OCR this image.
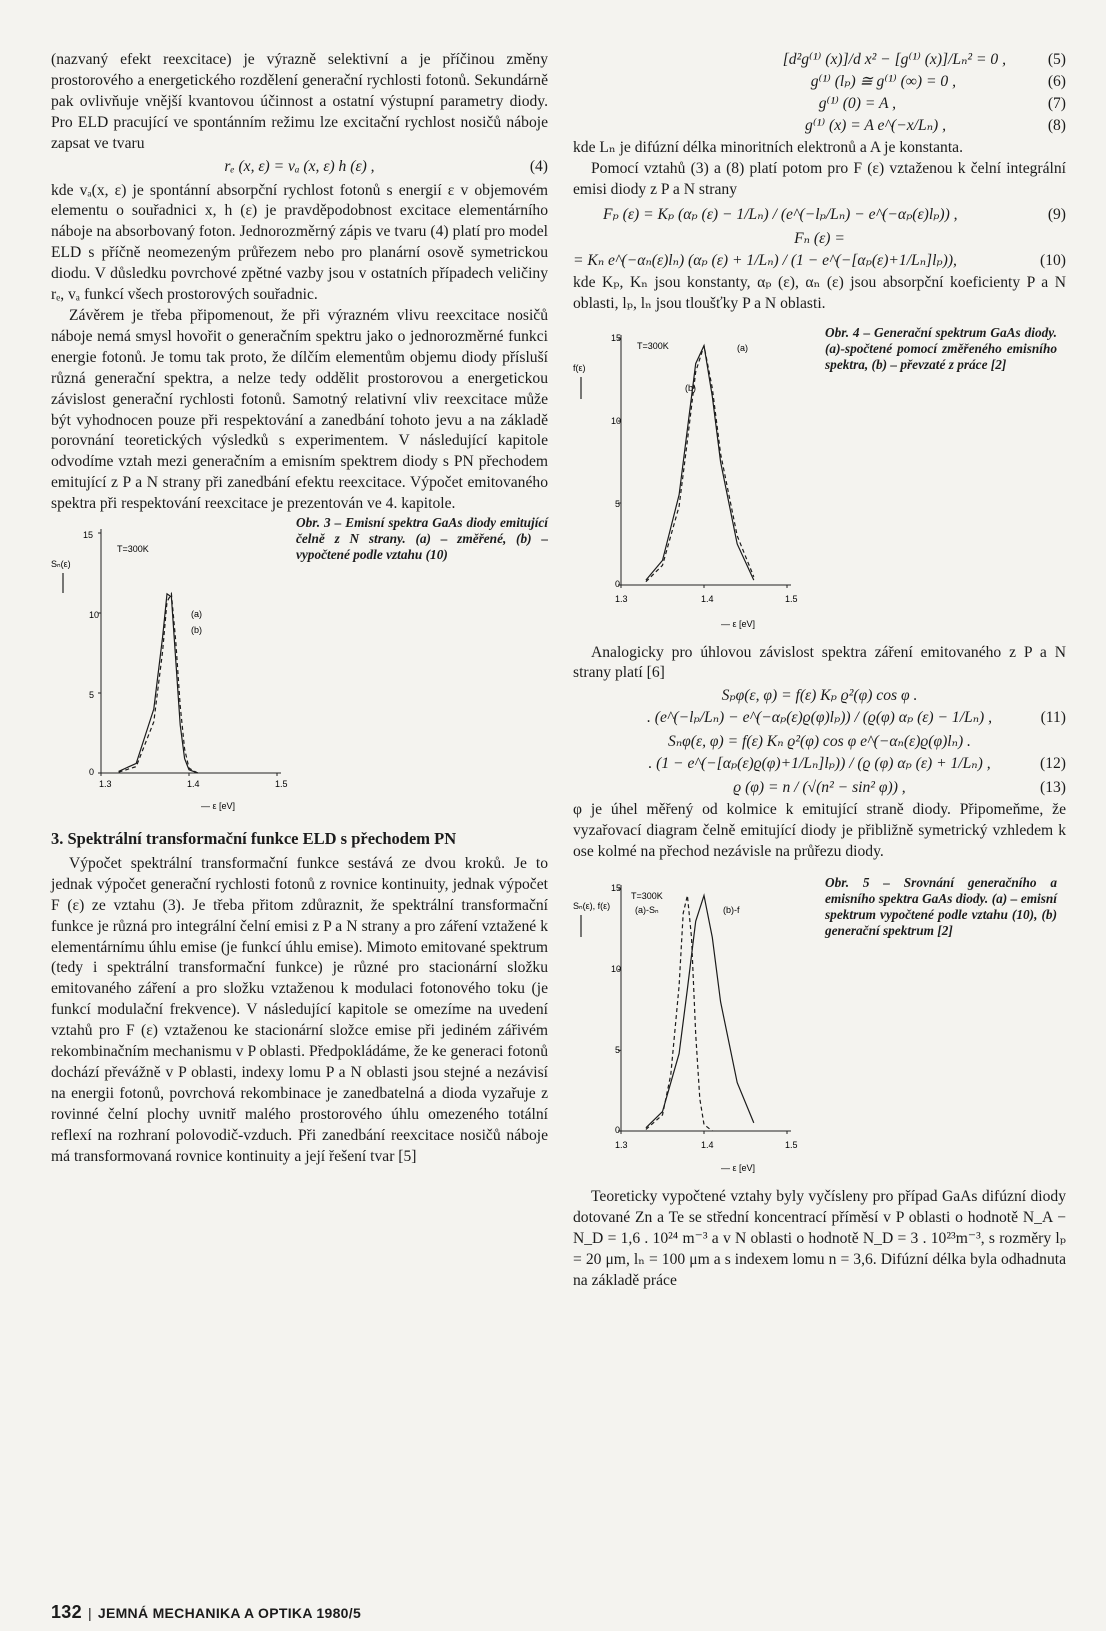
(nazvaný efekt reexcitace) je výrazně selektivní a je příčinou změny prostorového a energetického rozdělení generační rychlosti fotonů. Sekundárně pak ovlivňuje vnější kvantovou účinnost a ostatní výstupní parametry diody. Pro ELD pracující ve spontánním režimu lze excitační rychlost nosičů náboje zapsat ve tvaru

rₑ (x, ε) = vₐ (x, ε) h (ε) ,	(4)

kde vₐ(x, ε) je spontánní absorpční rychlost fotonů s energií ε v objemovém elementu o souřadnici x, h (ε) je pravděpodobnost excitace elementárního náboje na absorbovaný foton. Jednorozměrný zápis ve tvaru (4) platí pro model ELD s příčně neomezeným průřezem nebo pro planární osově symetrickou diodu. V důsledku povrchové zpětné vazby jsou v ostatních případech veličiny rₑ, vₐ funkcí všech prostorových souřadnic.

Závěrem je třeba připomenout, že při výrazném vlivu reexcitace nosičů náboje nemá smysl hovořit o generačním spektru jako o jednorozměrné funkci energie fotonů. Je tomu tak proto, že dílčím elementům objemu diody přísluší různá generační spektra, a nelze tedy oddělit prostorovou a energetickou závislost generační rychlosti fotonů. Samotný relativní vliv reexcitace může být vyhodnocen pouze při respektování a zanedbání tohoto jevu a na základě porovnání teoretických výsledků s experimentem. V následující kapitole odvodíme vztah mezi generačním a emisním spektrem diody s PN přechodem emitující z P a N strany při zanedbání efektu reexcitace. Výpočet emitovaného spektra při respektování reexcitace je prezentován ve 4. kapitole.

15
10
5
0
Sₙ(ε)
T=300K
1.3	1.4	1.5
— ε [eV]
(a)
(b)
Obr. 3 – Emisní spektra GaAs diody emitující čelně z N strany. (a) – změřené, (b) – vypočtené podle vztahu (10)
3. Spektrální transformační funkce ELD s přechodem PN

Výpočet spektrální transformační funkce sestává ze dvou kroků. Je to jednak výpočet generační rychlosti fotonů z rovnice kontinuity, jednak výpočet F (ε) ze vztahu (3). Je třeba přitom zdůraznit, že spektrální transformační funkce je různá pro integrální čelní emisi z P a N strany a pro záření vztažené k elementárnímu úhlu emise (je funkcí úhlu emise). Mimoto emitované spektrum (tedy i spektrální transformační funkce) je různé pro stacionární složku emitovaného záření a pro složku vztaženou k modulaci fotonového toku (je funkcí modulační frekvence). V následující kapitole se omezíme na uvedení vztahů pro F (ε) vztaženou ke stacionární složce emise při jediném zářivém rekombinačním mechanismu v P oblasti. Předpokládáme, že ke generaci fotonů dochází převážně v P oblasti, indexy lomu P a N oblasti jsou stejné a nezávisí na energii fotonů, povrchová rekombinace je zanedbatelná a dioda vyzařuje z rovinné čelní plochy uvnitř malého prostorového úhlu omezeného totální reflexí na rozhraní polovodič-vzduch. Při zanedbání reexcitace nosičů náboje má transformovaná rovnice kontinuity a její řešení tvar [5]

[d²g⁽¹⁾ (x)]/d x² − [g⁽¹⁾ (x)]/Lₙ² = 0 ,	(5)
g⁽¹⁾ (lₚ) ≅ g⁽¹⁾ (∞) = 0 ,	(6)
g⁽¹⁾ (0) = A ,	(7)
g⁽¹⁾ (x) = A e^(−x/Lₙ) ,	(8)

kde Lₙ je difúzní délka minoritních elektronů a A je konstanta.

Pomocí vztahů (3) a (8) platí potom pro F (ε) vztaženou k čelní integrální emisi diody z P a N strany

Fₚ (ε) = Kₚ (αₚ (ε) − 1/Lₙ) / (e^(−lₚ/Lₙ) − e^(−αₚ(ε)lₚ)) ,	(9)
Fₙ (ε) =
= Kₙ e^(−αₙ(ε)lₙ) (αₚ (ε) + 1/Lₙ) / (1 − e^(−[αₚ(ε)+1/Lₙ]lₚ)),	(10)

kde Kₚ, Kₙ jsou konstanty, αₚ (ε), αₙ (ε) jsou absorpční koeficienty P a N oblasti, lₚ, lₙ jsou tloušťky P a N oblasti.

15
10
5
0
f(ε)
T=300K
1.3	1.4	1.5
— ε [eV]
(a)
(b)
Obr. 4 – Generační spektrum GaAs diody. (a)-spočtené pomocí změřeného emisního spektra, (b) – převzaté z práce [2]

Analogicky pro úhlovou závislost spektra záření emitovaného z P a N strany platí [6]

Sₚφ(ε, φ) = f(ε) Kₚ ϱ²(φ) cos φ .
. (e^(−lₚ/Lₙ) − e^(−αₚ(ε)ϱ(φ)lₚ)) / (ϱ(φ) αₚ (ε) − 1/Lₙ) ,	(11)
Sₙφ(ε, φ) = f(ε) Kₙ ϱ²(φ) cos φ e^(−αₙ(ε)ϱ(φ)lₙ) .
. (1 − e^(−[αₚ(ε)ϱ(φ)+1/Lₙ]lₚ)) / (ϱ (φ) αₚ (ε) + 1/Lₙ) ,	(12)
ϱ (φ) = n / (√(n² − sin² φ)) ,	(13)

φ je úhel měřený od kolmice k emitující straně diody. Připomeňme, že vyzařovací diagram čelně emitující diody je přibližně symetrický vzhledem k ose kolmé na přechod nezávisle na průřezu diody.

15
10
5
0
Sₙ(ε), f(ε)
T=300K
1.3	1.4	1.5
— ε [eV]
(a)-Sₙ	(b)-f
Obr. 5 – Srovnání generačního a emisního spektra GaAs diody. (a) – emisní spektrum vypočtené podle vztahu (10), (b) generační spektrum [2]

Teoreticky vypočtené vztahy byly vyčísleny pro případ GaAs difúzní diody dotované Zn a Te se střední koncentrací příměsí v P oblasti o hodnotě N_A − N_D = 1,6 . 10²⁴ m⁻³ a v N oblasti o hodnotě N_D = 3 . 10²³m⁻³, s rozměry lₚ = 20 μm, lₙ = 100 μm a s indexem lomu n = 3,6. Difúzní délka byla odhadnuta na základě práce

132 | JEMNÁ MECHANIKA A OPTIKA 1980/5
